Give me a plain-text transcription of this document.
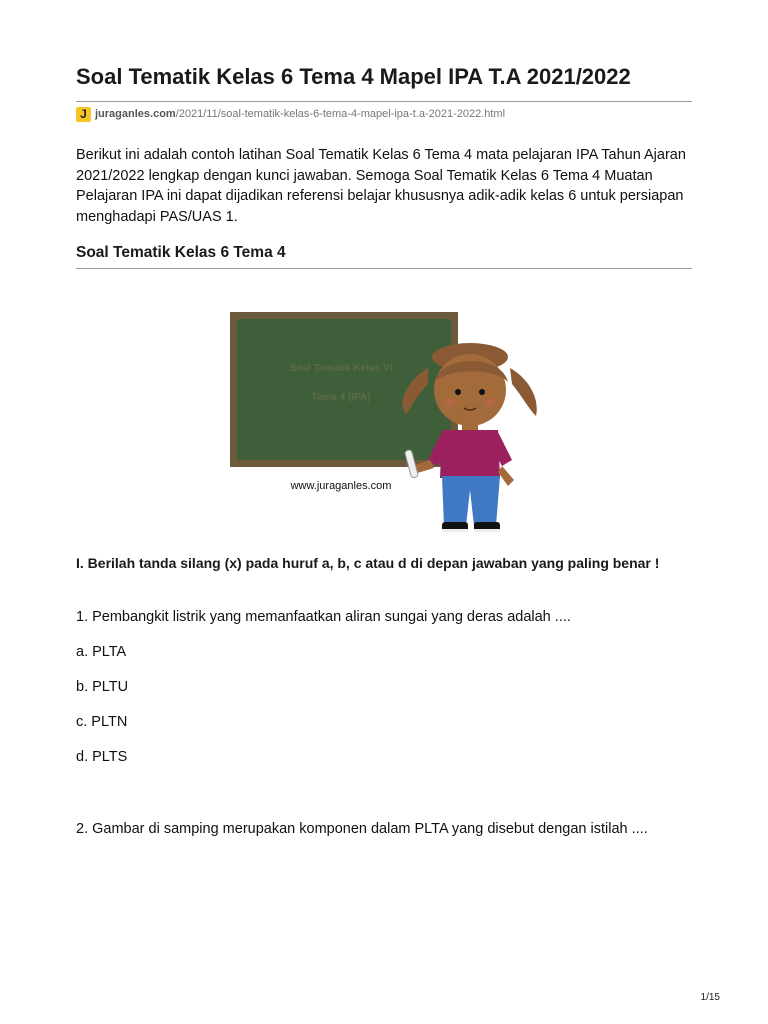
Soal Tematik Kelas 6 Tema 4 Mapel IPA T.A 2021/2022
J juraganles.com /2021/11/soal-tematik-kelas-6-tema-4-mapel-ipa-t.a-2021-2022.html

Berikut ini adalah contoh latihan Soal Tematik Kelas 6 Tema 4 mata pelajaran IPA Tahun Ajaran 2021/2022 lengkap dengan kunci jawaban. Semoga Soal Tematik Kelas 6 Tema 4 Muatan Pelajaran IPA ini dapat dijadikan referensi belajar khususnya adik-adik kelas 6 untuk persiapan menghadapi PAS/UAS 1.

Soal Tematik Kelas 6 Tema 4
Soal Tematik Kelas VI
Tema 4 (IPA)
www.juraganles.com

I. Berilah tanda silang (x) pada huruf a, b, c atau d di depan jawaban yang paling benar !

1. Pembangkit listrik yang memanfaatkan aliran sungai yang deras adalah ....

a. PLTA

b. PLTU

c. PLTN

d. PLTS

2. Gambar di samping merupakan komponen dalam PLTA yang disebut dengan istilah ....

1/15
